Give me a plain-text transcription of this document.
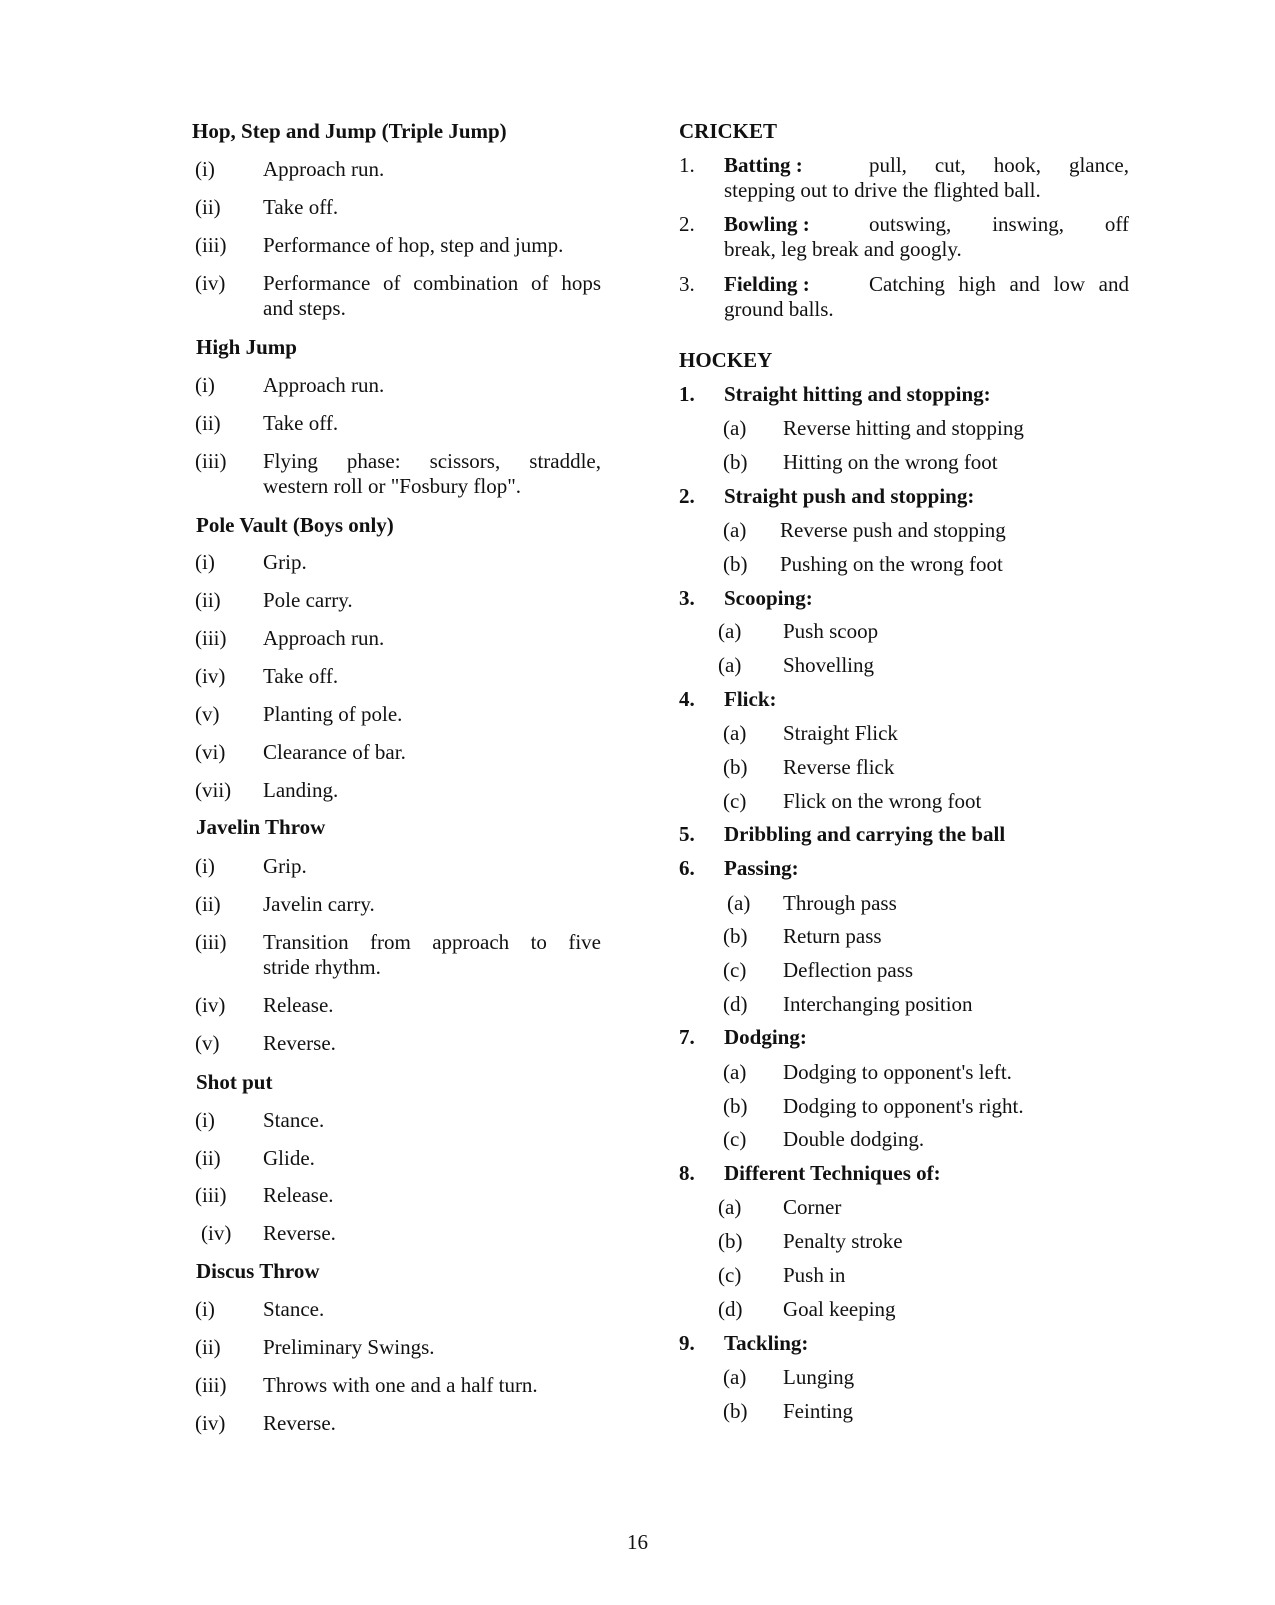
Hop, Step and Jump (Triple Jump)
(i) Approach run.
(ii) Take off.
(iii) Performance of hop, step and jump.
(iv) Performance of combination of hops
and steps.
High Jump
(i) Approach run.
(ii) Take off.
(iii) Flying phase: scissors, straddle,
western roll or "Fosbury flop".
Pole Vault (Boys only)
(i) Grip.
(ii) Pole carry.
(iii) Approach run.
(iv) Take off.
(v) Planting of pole.
(vi) Clearance of bar.
(vii) Landing.
Javelin Throw
(i) Grip.
(ii) Javelin carry.
(iii) Transition from approach to five
stride rhythm.
(iv) Release.
(v) Reverse.
Shot put
(i) Stance.
(ii) Glide.
(iii) Release.
(iv) Reverse.
Discus Throw
(i) Stance.
(ii) Preliminary Swings.
(iii) Throws with one and a half turn.
(iv) Reverse.
CRICKET
1. Batting :	pull, cut, hook, glance,
stepping out to drive the flighted ball.
2. Bowling :	outswing, inswing, off
break, leg break and googly.
3. Fielding :	Catching high and low and
ground balls.
HOCKEY
1. Straight hitting and stopping:
(a) Reverse hitting and stopping
(b) Hitting on the wrong foot
2. Straight push and stopping:
(a) Reverse push and stopping
(b) Pushing on the wrong foot
3. Scooping:
(a) Push scoop
(a) Shovelling
4. Flick:
(a) Straight Flick
(b) Reverse flick
(c) Flick on the wrong foot
5. Dribbling and carrying the ball
6. Passing:
(a) Through pass
(b) Return pass
(c) Deflection pass
(d) Interchanging position
7. Dodging:
(a) Dodging to opponent's left.
(b) Dodging to opponent's right.
(c) Double dodging.
8. Different Techniques of:
(a) Corner
(b) Penalty stroke
(c) Push in
(d) Goal keeping
9. Tackling:
(a) Lunging
(b) Feinting
16
